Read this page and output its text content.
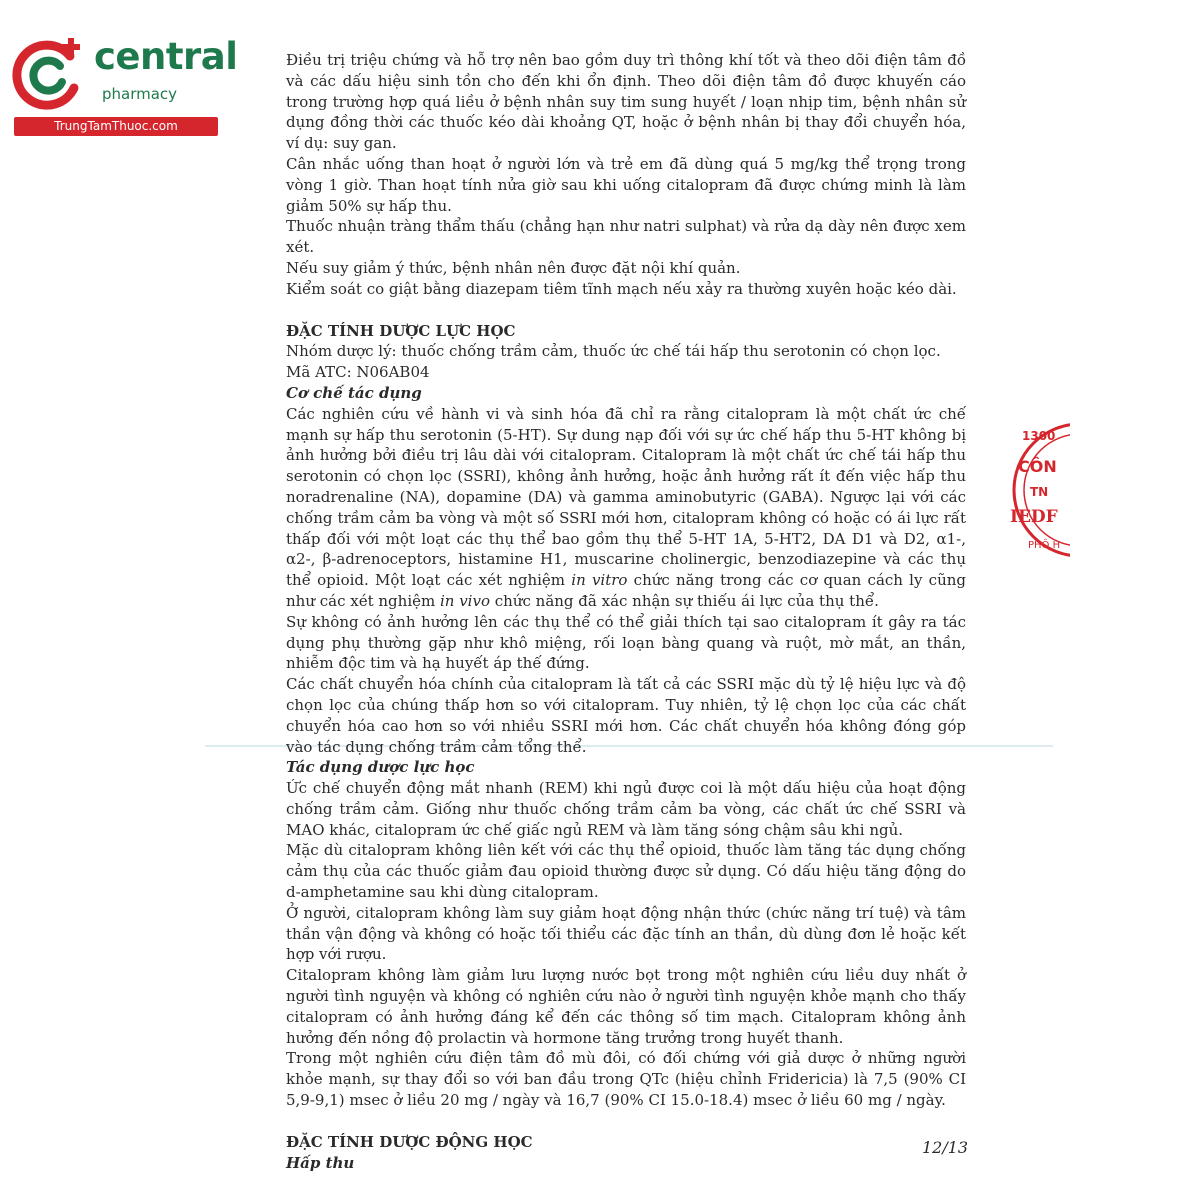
central
pharmacy
TrungTamThuoc.com
1300
CÔN
TN
IEDF
PHÔ H

Điều trị triệu chứng và hỗ trợ nên bao gồm duy trì thông khí tốt và theo dõi điện tâm đồ và các dấu hiệu sinh tồn cho đến khi ổn định. Theo dõi điện tâm đồ được khuyến cáo trong trường hợp quá liều ở bệnh nhân suy tim sung huyết / loạn nhịp tim, bệnh nhân sử dụng đồng thời các thuốc kéo dài khoảng QT, hoặc ở bệnh nhân bị thay đổi chuyển hóa, ví dụ: suy gan.

Cân nhắc uống than hoạt ở người lớn và trẻ em đã dùng quá 5 mg/kg thể trọng trong vòng 1 giờ. Than hoạt tính nửa giờ sau khi uống citalopram đã được chứng minh là làm giảm 50% sự hấp thu.

Thuốc nhuận tràng thẩm thấu (chẳng hạn như natri sulphat) và rửa dạ dày nên được xem xét.

Nếu suy giảm ý thức, bệnh nhân nên được đặt nội khí quản.

Kiểm soát co giật bằng diazepam tiêm tĩnh mạch nếu xảy ra thường xuyên hoặc kéo dài.

ĐẶC TÍNH DƯỢC LỰC HỌC

Nhóm dược lý: thuốc chống trầm cảm, thuốc ức chế tái hấp thu serotonin có chọn lọc.

Mã ATC: N06AB04

Cơ chế tác dụng

Các nghiên cứu về hành vi và sinh hóa đã chỉ ra rằng citalopram là một chất ức chế mạnh sự hấp thu serotonin (5-HT). Sự dung nạp đối với sự ức chế hấp thu 5-HT không bị ảnh hưởng bởi điều trị lâu dài với citalopram. Citalopram là một chất ức chế tái hấp thu serotonin có chọn lọc (SSRI), không ảnh hưởng, hoặc ảnh hưởng rất ít đến việc hấp thu noradrenaline (NA), dopamine (DA) và gamma aminobutyric (GABA). Ngược lại với các chống trầm cảm ba vòng và một số SSRI mới hơn, citalopram không có hoặc có ái lực rất thấp đối với một loạt các thụ thể bao gồm thụ thể 5-HT 1A, 5-HT2, DA D1 và D2, α1-, α2-, β-adrenoceptors, histamine H1, muscarine cholinergic, benzodiazepine và các thụ thể opioid. Một loạt các xét nghiệm in vitro chức năng trong các cơ quan cách ly cũng như các xét nghiệm in vivo chức năng đã xác nhận sự thiếu ái lực của thụ thể.

Sự không có ảnh hưởng lên các thụ thể có thể giải thích tại sao citalopram ít gây ra tác dụng phụ thường gặp như khô miệng, rối loạn bàng quang và ruột, mờ mắt, an thần, nhiễm độc tim và hạ huyết áp thế đứng.

Các chất chuyển hóa chính của citalopram là tất cả các SSRI mặc dù tỷ lệ hiệu lực và độ chọn lọc của chúng thấp hơn so với citalopram. Tuy nhiên, tỷ lệ chọn lọc của các chất chuyển hóa cao hơn so với nhiều SSRI mới hơn. Các chất chuyển hóa không đóng góp vào tác dụng chống trầm cảm tổng thể.

Tác dụng dược lực học

Ức chế chuyển động mắt nhanh (REM) khi ngủ được coi là một dấu hiệu của hoạt động chống trầm cảm. Giống như thuốc chống trầm cảm ba vòng, các chất ức chế SSRI và MAO khác, citalopram ức chế giấc ngủ REM và làm tăng sóng chậm sâu khi ngủ.

Mặc dù citalopram không liên kết với các thụ thể opioid, thuốc làm tăng tác dụng chống cảm thụ của các thuốc giảm đau opioid thường được sử dụng. Có dấu hiệu tăng động do d-amphetamine sau khi dùng citalopram.

Ở người, citalopram không làm suy giảm hoạt động nhận thức (chức năng trí tuệ) và tâm thần vận động và không có hoặc tối thiểu các đặc tính an thần, dù dùng đơn lẻ hoặc kết hợp với rượu.

Citalopram không làm giảm lưu lượng nước bọt trong một nghiên cứu liều duy nhất ở người tình nguyện và không có nghiên cứu nào ở người tình nguyện khỏe mạnh cho thấy citalopram có ảnh hưởng đáng kể đến các thông số tim mạch. Citalopram không ảnh hưởng đến nồng độ prolactin và hormone tăng trưởng trong huyết thanh.

Trong một nghiên cứu điện tâm đồ mù đôi, có đối chứng với giả dược ở những người khỏe mạnh, sự thay đổi so với ban đầu trong QTc (hiệu chỉnh Fridericia) là 7,5 (90% CI 5,9-9,1) msec ở liều 20 mg / ngày và 16,7 (90% CI 15.0-18.4) msec ở liều 60 mg / ngày.

ĐẶC TÍNH DƯỢC ĐỘNG HỌC

Hấp thu

12/13
